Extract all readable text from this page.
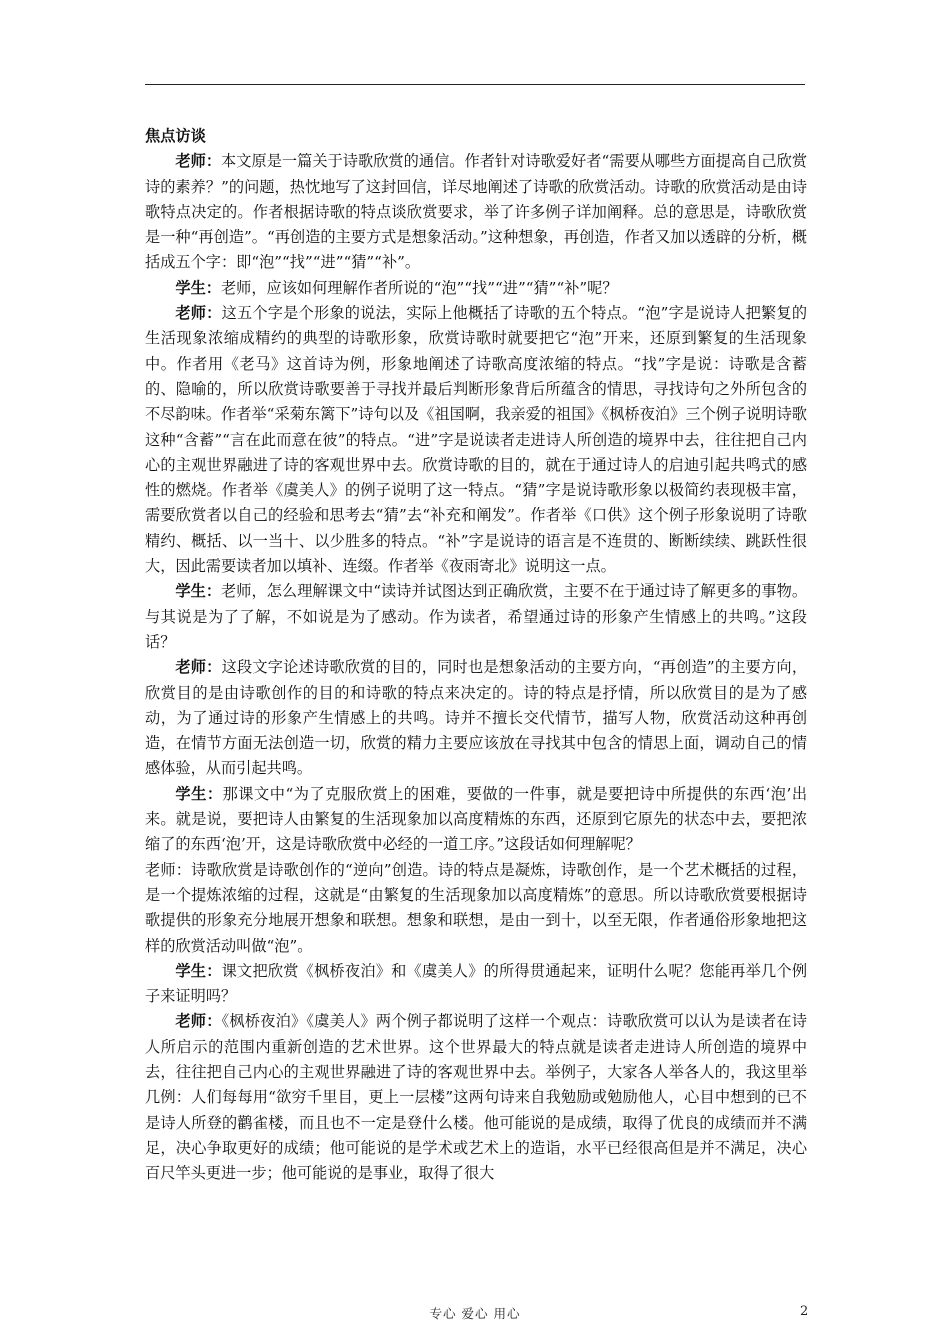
焦点访谈

老师：本文原是一篇关于诗歌欣赏的通信。作者针对诗歌爱好者“需要从哪些方面提高自己欣赏诗的素养？”的问题，热忱地写了这封回信，详尽地阐述了诗歌的欣赏活动。诗歌的欣赏活动是由诗歌特点决定的。作者根据诗歌的特点谈欣赏要求，举了许多例子详加阐释。总的意思是，诗歌欣赏是一种“再创造”。“再创造的主要方式是想象活动。”这种想象，再创造，作者又加以透辟的分析，概括成五个字：即“泡”“找”“进”“猜”“补”。

学生：老师，应该如何理解作者所说的“泡”“找”“进”“猜”“补”呢？

老师：这五个字是个形象的说法，实际上他概括了诗歌的五个特点。“泡”字是说诗人把繁复的生活现象浓缩成精约的典型的诗歌形象，欣赏诗歌时就要把它“泡”开来，还原到繁复的生活现象中。作者用《老马》这首诗为例，形象地阐述了诗歌高度浓缩的特点。“找”字是说：诗歌是含蓄的、隐喻的，所以欣赏诗歌要善于寻找并最后判断形象背后所蕴含的情思，寻找诗句之外所包含的不尽韵味。作者举“采菊东篱下”诗句以及《祖国啊，我亲爱的祖国》《枫桥夜泊》三个例子说明诗歌这种“含蓄”“言在此而意在彼”的特点。“进”字是说读者走进诗人所创造的境界中去，往往把自己内心的主观世界融进了诗的客观世界中去。欣赏诗歌的目的，就在于通过诗人的启迪引起共鸣式的感性的燃烧。作者举《虞美人》的例子说明了这一特点。“猜”字是说诗歌形象以极简约表现极丰富，需要欣赏者以自己的经验和思考去“猜”去“补充和阐发”。作者举《口供》这个例子形象说明了诗歌精约、概括、以一当十、以少胜多的特点。“补”字是说诗的语言是不连贯的、断断续续、跳跃性很大，因此需要读者加以填补、连缀。作者举《夜雨寄北》说明这一点。

学生：老师，怎么理解课文中“读诗并试图达到正确欣赏，主要不在于通过诗了解更多的事物。与其说是为了了解，不如说是为了感动。作为读者，希望通过诗的形象产生情感上的共鸣。”这段话？

老师：这段文字论述诗歌欣赏的目的，同时也是想象活动的主要方向，“再创造”的主要方向，欣赏目的是由诗歌创作的目的和诗歌的特点来决定的。诗的特点是抒情，所以欣赏目的是为了感动，为了通过诗的形象产生情感上的共鸣。诗并不擅长交代情节，描写人物，欣赏活动这种再创造，在情节方面无法创造一切，欣赏的精力主要应该放在寻找其中包含的情思上面，调动自己的情感体验，从而引起共鸣。

学生：那课文中“为了克服欣赏上的困难，要做的一件事，就是要把诗中所提供的东西‘泡’出来。就是说，要把诗人由繁复的生活现象加以高度精炼的东西，还原到它原先的状态中去，要把浓缩了的东西‘泡’开，这是诗歌欣赏中必经的一道工序。”这段话如何理解呢？

老师：诗歌欣赏是诗歌创作的“逆向”创造。诗的特点是凝炼，诗歌创作，是一个艺术概括的过程，是一个提炼浓缩的过程，这就是“由繁复的生活现象加以高度精炼”的意思。所以诗歌欣赏要根据诗歌提供的形象充分地展开想象和联想。想象和联想，是由一到十，以至无限，作者通俗形象地把这样的欣赏活动叫做“泡”。

学生：课文把欣赏《枫桥夜泊》和《虞美人》的所得贯通起来，证明什么呢？您能再举几个例子来证明吗？

老师：《枫桥夜泊》《虞美人》两个例子都说明了这样一个观点：诗歌欣赏可以认为是读者在诗人所启示的范围内重新创造的艺术世界。这个世界最大的特点就是读者走进诗人所创造的境界中去，往往把自己内心的主观世界融进了诗的客观世界中去。举例子，大家各人举各人的，我这里举几例：人们每每用“欲穷千里目，更上一层楼”这两句诗来自我勉励或勉励他人，心目中想到的已不是诗人所登的鹳雀楼，而且也不一定是登什么楼。他可能说的是成绩，取得了优良的成绩而并不满足，决心争取更好的成绩；他可能说的是学术或艺术上的造诣，水平已经很高但是并不满足，决心百尺竿头更进一步；他可能说的是事业，取得了很大

专心 爱心 用心	2
